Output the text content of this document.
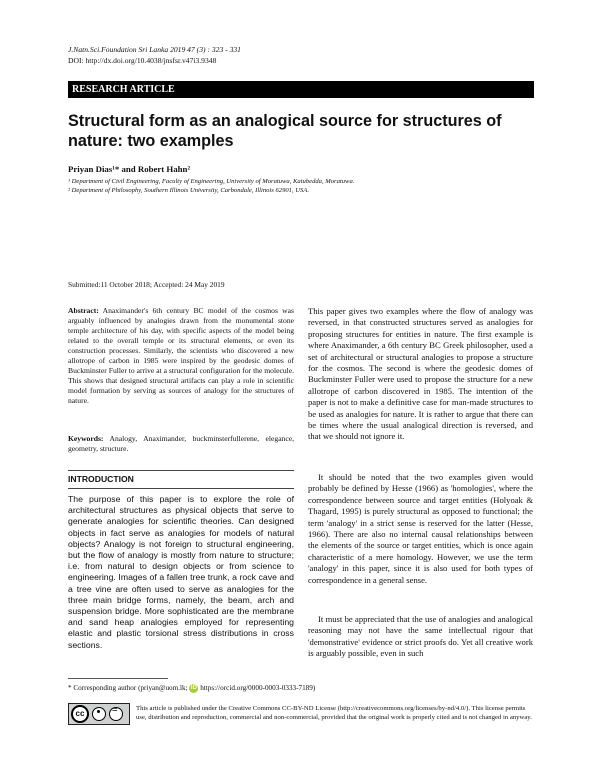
J.Natn.Sci.Foundation Sri Lanka 2019 47 (3) : 323 - 331
DOI: http://dx.doi.org/10.4038/jnsfsr.v47i3.9348
RESEARCH ARTICLE
Structural form as an analogical source for structures of nature: two examples
Priyan Dias¹* and Robert Hahn²
¹ Department of Civil Engineering, Faculty of Engineering, University of Moratuwa, Katubedda, Moratuwa.
² Department of Philosophy, Southern Illinois University, Carbondale, Illinois 62901, USA.
Submitted:11 October 2018; Accepted: 24 May 2019
Abstract: Anaximander's 6th century BC model of the cosmos was arguably influenced by analogies drawn from the monumental stone temple architecture of his day, with specific aspects of the model being related to the overall temple or its structural elements, or even its construction processes. Similarly, the scientists who discovered a new allotrope of carbon in 1985 were inspired by the geodesic domes of Buckminster Fuller to arrive at a structural configuration for the molecule. This shows that designed structural artifacts can play a role in scientific model formation by serving as sources of analogy for the structures of nature.
Keywords: Analogy, Anaximander, buckminsterfullerene, elegance, geometry, structure.
INTRODUCTION
The purpose of this paper is to explore the role of architectural structures as physical objects that serve to generate analogies for scientific theories. Can designed objects in fact serve as analogies for models of natural objects? Analogy is not foreign to structural engineering, but the flow of analogy is mostly from nature to structure; i.e. from natural to design objects or from science to engineering. Images of a fallen tree trunk, a rock cave and a tree vine are often used to serve as analogies for the three main bridge forms, namely, the beam, arch and suspension bridge. More sophisticated are the membrane and sand heap analogies employed for representing elastic and plastic torsional stress distributions in cross sections.

This paper gives two examples where the flow of analogy was reversed, in that constructed structures served as analogies for proposing structures for entities in nature. The first example is where Anaximander, a 6th century BC Greek philosopher, used a set of architectural or structural analogies to propose a structure for the cosmos. The second is where the geodesic domes of Buckminster Fuller were used to propose the structure for a new allotrope of carbon discovered in 1985. The intention of the paper is not to make a definitive case for man-made structures to be used as analogies for nature. It is rather to argue that there can be times where the usual analogical direction is reversed, and that we should not ignore it.

It should be noted that the two examples given would probably be defined by Hesse (1966) as 'homologies', where the correspondence between source and target entities (Holyoak & Thagard, 1995) is purely structural as opposed to functional; the term 'analogy' in a strict sense is reserved for the latter (Hesse, 1966). There are also no internal causal relationships between the elements of the source or target entities, which is once again characteristic of a mere homology. However, we use the term 'analogy' in this paper, since it is also used for both types of correspondence in a general sense.

It must be appreciated that the use of analogies and analogical reasoning may not have the same intellectual rigour that 'demonstrative' evidence or strict proofs do. Yet all creative work is arguably possible, even in such

* Corresponding author (priyan@uom.lk; iD https://orcid.org/0000-0003-0333-7189)
cc
=
This article is published under the Creative Commons CC-BY-ND License (http://creativecommons.org/licenses/by-nd/4.0/). This license permits use, distribution and reproduction, commercial and non-commercial, provided that the original work is properly cited and is not changed in anyway.
